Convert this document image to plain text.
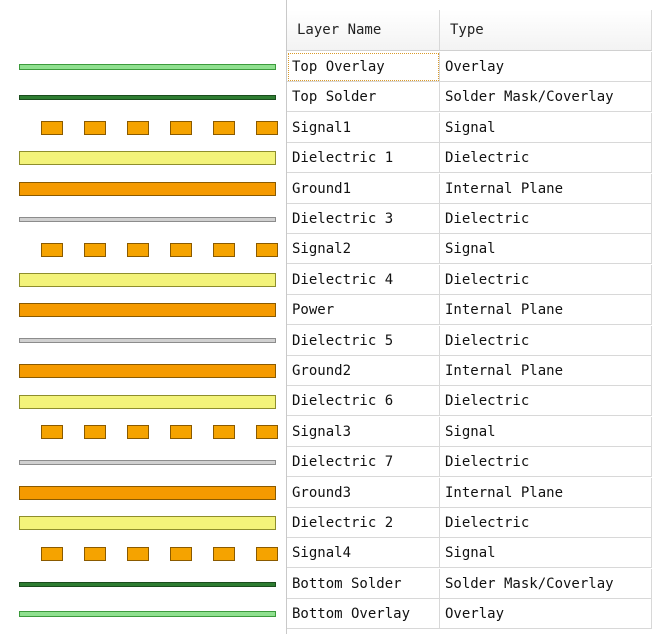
Layer Name	Type
Top Overlay	Overlay
Top Solder	Solder Mask/Coverlay
Signal1	Signal
Dielectric 1	Dielectric
Ground1	Internal Plane
Dielectric 3	Dielectric
Signal2	Signal
Dielectric 4	Dielectric
Power	Internal Plane
Dielectric 5	Dielectric
Ground2	Internal Plane
Dielectric 6	Dielectric
Signal3	Signal
Dielectric 7	Dielectric
Ground3	Internal Plane
Dielectric 2	Dielectric
Signal4	Signal
Bottom Solder	Solder Mask/Coverlay
Bottom Overlay	Overlay
